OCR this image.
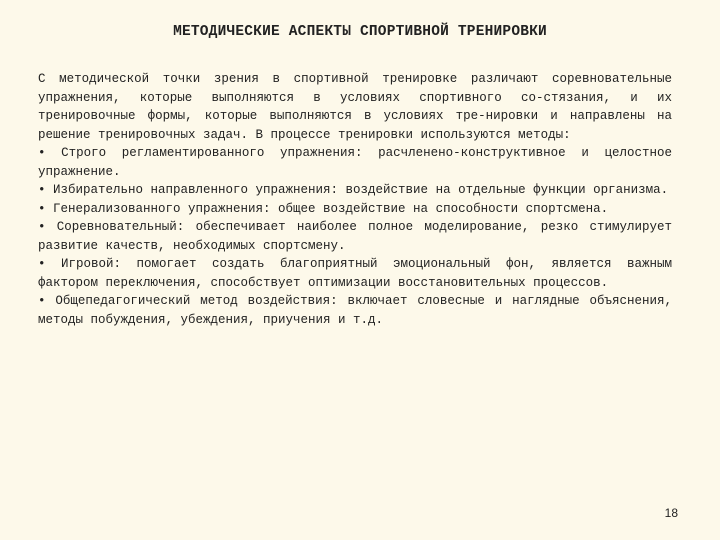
МЕТОДИЧЕСКИЕ АСПЕКТЫ СПОРТИВНОЙ ТРЕНИРОВКИ

С методической точки зрения в спортивной тренировке различают соревновательные упражнения, которые выполняются в условиях спортивного со-стязания, и их тренировочные формы, которые выполняются в условиях тре-нировки и направлены на решение тренировочных задач. В процессе тренировки используются методы:

• Строго регламентированного упражнения: расчленено-конструктивное и целостное упражнение.

• Избирательно направленного упражнения: воздействие на отдельные функции организма.

• Генерализованного упражнения: общее воздействие на способности спортсмена.

• Соревновательный: обеспечивает наиболее полное моделирование, резко стимулирует развитие качеств, необходимых спортсмену.

• Игровой: помогает создать благоприятный эмоциональный фон, является важным фактором переключения, способствует оптимизации восстановительных процессов.

• Общепедагогический метод воздействия: включает словесные и наглядные объяснения, методы побуждения, убеждения, приучения и т.д.

18
